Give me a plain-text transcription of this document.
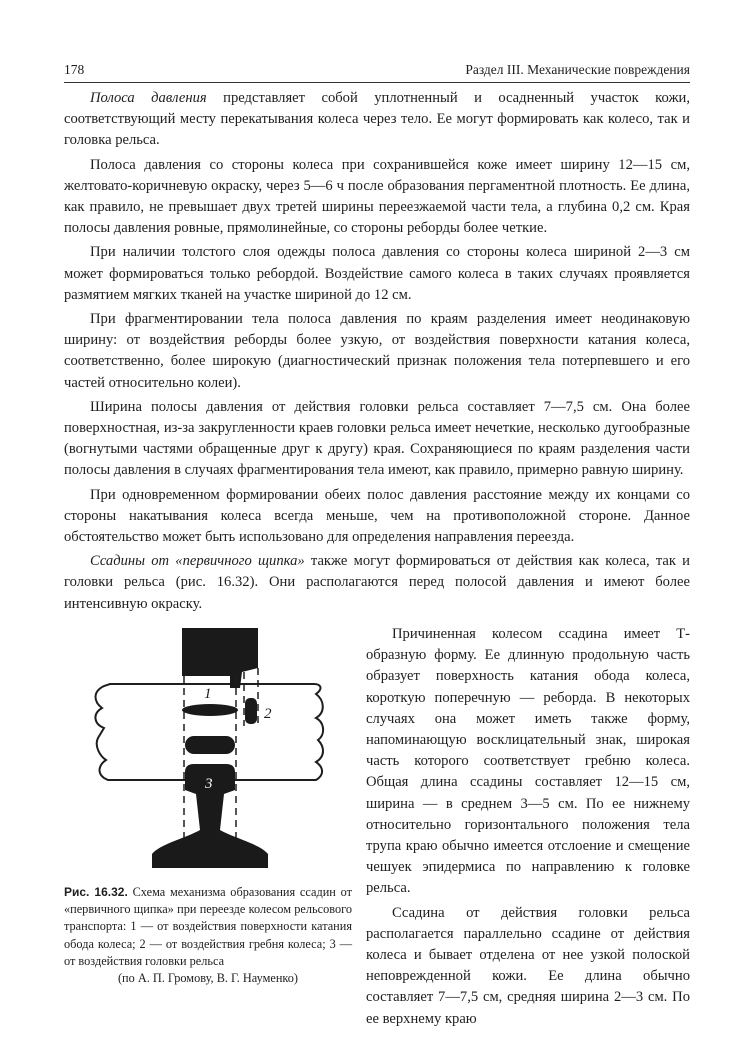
178	Раздел III. Механические повреждения

Полоса давления представляет собой уплотненный и осадненный участок кожи, соответствующий месту перекатывания колеса через тело. Ее могут формировать как колесо, так и головка рельса.

Полоса давления со стороны колеса при сохранившейся коже имеет ширину 12—15 см, желтовато-коричневую окраску, через 5—6 ч после образования пергаментной плотность. Ее длина, как правило, не превышает двух третей ширины переезжаемой части тела, а глубина 0,2 см. Края полосы давления ровные, прямолинейные, со стороны реборды более четкие.

При наличии толстого слоя одежды полоса давления со стороны колеса шириной 2—3 см может формироваться только ребордой. Воздействие самого колеса в таких случаях проявляется размятием мягких тканей на участке шириной до 12 см.

При фрагментировании тела полоса давления по краям разделения имеет неодинаковую ширину: от воздействия реборды более узкую, от воздействия поверхности катания колеса, соответственно, более широкую (диагностический признак положения тела потерпевшего и его частей относительно колеи).

Ширина полосы давления от действия головки рельса составляет 7—7,5 см. Она более поверхностная, из-за закругленности краев головки рельса имеет нечеткие, несколько дугообразные (вогнутыми частями обращенные друг к другу) края. Сохраняющиеся по краям разделения части полосы давления в случаях фрагментирования тела имеют, как правило, примерно равную ширину.

При одновременном формировании обеих полос давления расстояние между их концами со стороны накатывания колеса всегда меньше, чем на противоположной стороне. Данное обстоятельство может быть использовано для определения направления переезда.

Ссадины от «первичного щипка» также могут формироваться от действия как колеса, так и головки рельса (рис. 16.32). Они располагаются перед полосой давления и имеют более интенсивную окраску.

1
2
3
Рис. 16.32. Схема механизма образования ссадин от «первичного щипка» при переезде колесом рельсового транспорта: 1 — от воздействия поверхности катания обода колеса; 2 — от воздействия гребня колеса; 3 — от воздействия головки рельса
(по А. П. Громову, В. Г. Науменко)

Причиненная колесом ссадина имеет Т-образную форму. Ее длинную продольную часть образует поверхность катания обода колеса, короткую поперечную — реборда. В некоторых случаях она может иметь также форму, напоминающую восклицательный знак, широкая часть которого соответствует гребню колеса. Общая длина ссадины составляет 12—15 см, ширина — в среднем 3—5 см. По ее нижнему относительно горизонтального положения тела трупа краю обычно имеется отслоение и смещение чешуек эпидермиса по направлению к головке рельса.

Ссадина от действия головки рельса располагается параллельно ссадине от действия колеса и бывает отделена от нее узкой полоской неповрежденной кожи. Ее длина обычно составляет 7—7,5 см, средняя ширина 2—3 см. По ее верхнему краю
